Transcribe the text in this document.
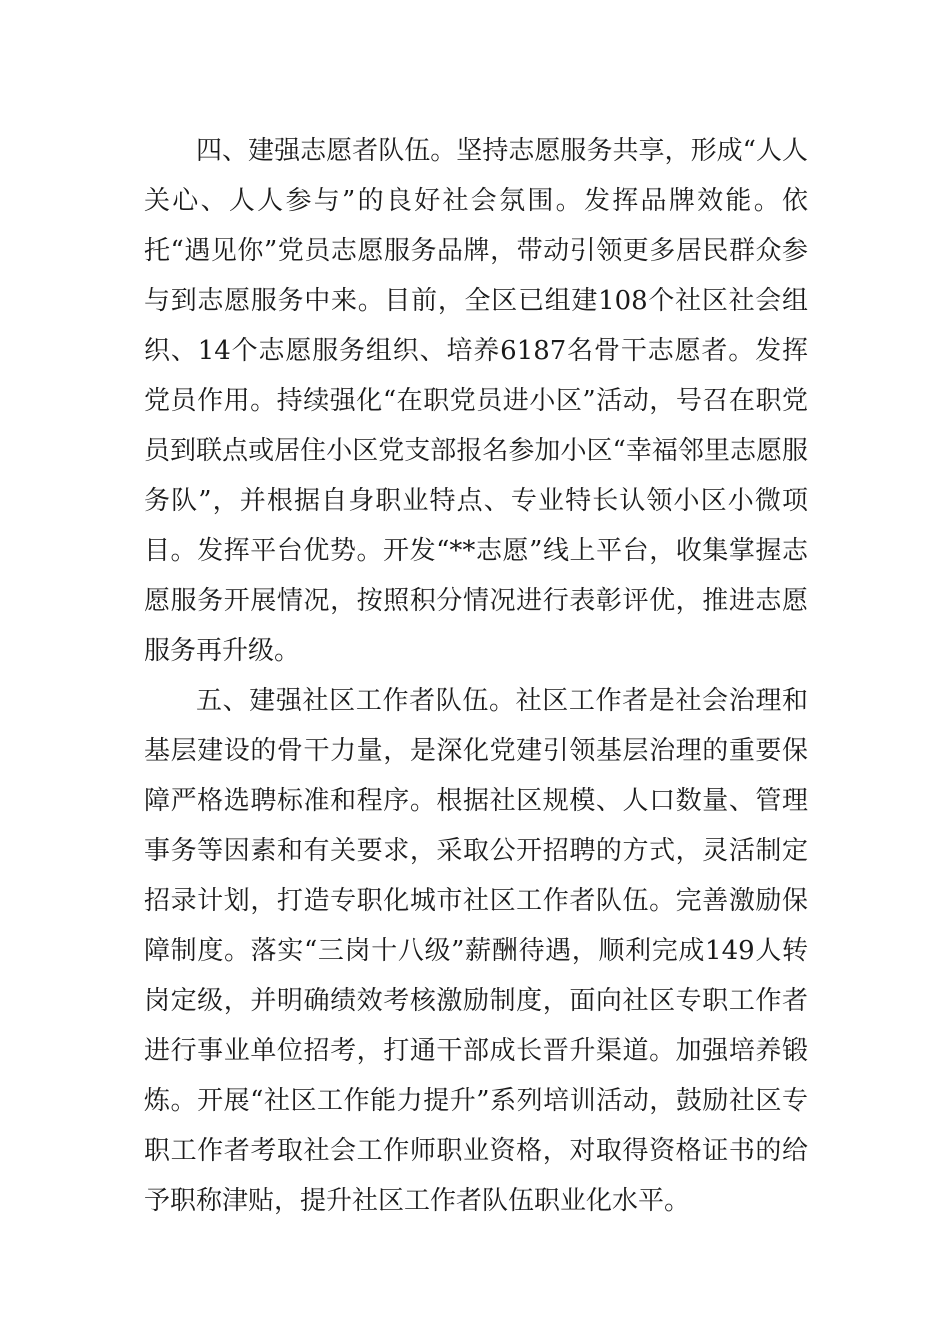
四、建强志愿者队伍。坚持志愿服务共享，形成“人人关心、人人参与”的良好社会氛围。发挥品牌效能。依托“遇见你”党员志愿服务品牌，带动引领更多居民群众参与到志愿服务中来。目前，全区已组建108个社区社会组织、14个志愿服务组织、培养6187名骨干志愿者。发挥党员作用。持续强化“在职党员进小区”活动，号召在职党员到联点或居住小区党支部报名参加小区“幸福邻里志愿服务队”，并根据自身职业特点、专业特长认领小区小微项目。发挥平台优势。开发“**志愿”线上平台，收集掌握志愿服务开展情况，按照积分情况进行表彰评优，推进志愿服务再升级。

五、建强社区工作者队伍。社区工作者是社会治理和基层建设的骨干力量，是深化党建引领基层治理的重要保障严格选聘标准和程序。根据社区规模、人口数量、管理事务等因素和有关要求，采取公开招聘的方式，灵活制定招录计划，打造专职化城市社区工作者队伍。完善激励保障制度。落实“三岗十八级”薪酬待遇，顺利完成149人转岗定级，并明确绩效考核激励制度，面向社区专职工作者进行事业单位招考，打通干部成长晋升渠道。加强培养锻炼。开展“社区工作能力提升”系列培训活动，鼓励社区专职工作者考取社会工作师职业资格，对取得资格证书的给予职称津贴，提升社区工作者队伍职业化水平。
